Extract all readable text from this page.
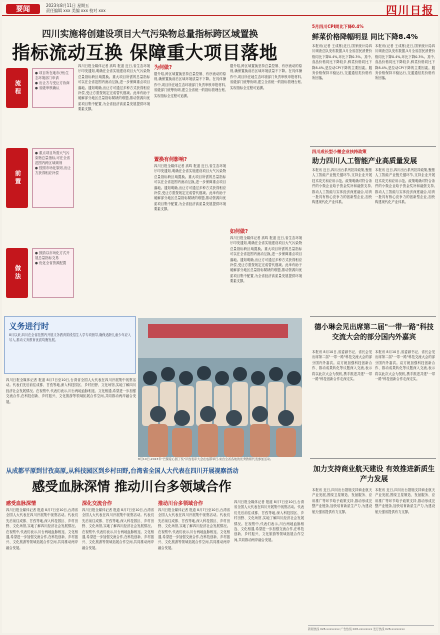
要闻	2023年8月11日 星期五
责任编辑 xxx 美编 xxx 校对 xxx	四川日报
四川实施将创建设项目大气污染物总量指标跨区域置换
指标流动互换 保障重大项目落地
流程
前置
做法
● 项目所在地市(州)生态环境部门申请
● 出让方与受让方协商
● 省级审核确认
● 重点项目所需大气污染物总量指标,可在全省范围内跨区域调剂
● 按照市场化原则,出让方获得相应补偿
● 鼓励以市场化方式开展总量指标交易
● 优化全省资源配置
四川日报全媒体记者 高鸣 报道 近日,省生态环境厅印发通知,明确在全省实施建设项目大气污染物总量指标跨区域置换。重大项目所需的总量指标可以在全省范围内流动互换,进一步保障重点项目落地。通知明确,出让方可通过多种方式获得相应补偿,受让方需按规定完成替代削减。此举有助于破解部分地区总量指标紧缺的难题,推动资源向优质项目集中配置,为全省经济高质量发展提供环境要素支撑。
为何做?
据介绍,跨区域置换坚持总量控制、有序流动的原则,确保置换前后区域环境质量不下降。在具体操作中,项目所在地生态环境部门负责审核申报材料,省级部门统筹协调,建立全省统一的指标管理台账,实现指标全过程可追溯。
置换有何影响?
四川日报全媒体记者 高鸣 报道 近日,省生态环境厅印发通知,明确在全省实施建设项目大气污染物总量指标跨区域置换。重大项目所需的总量指标可以在全省范围内流动互换,进一步保障重点项目落地。通知明确,出让方可通过多种方式获得相应补偿,受让方需按规定完成替代削减。此举有助于破解部分地区总量指标紧缺的难题,推动资源向优质项目集中配置,为全省经济高质量发展提供环境要素支撑。
据介绍,跨区域置换坚持总量控制、有序流动的原则,确保置换前后区域环境质量不下降。在具体操作中,项目所在地生态环境部门负责审核申报材料,省级部门统筹协调,建立全省统一的指标管理台账,实现指标全过程可追溯。
如何做?
四川日报全媒体记者 高鸣 报道 近日,省生态环境厅印发通知,明确在全省实施建设项目大气污染物总量指标跨区域置换。重大项目所需的总量指标可以在全省范围内流动互换,进一步保障重点项目落地。通知明确,出让方可通过多种方式获得相应补偿,受让方需按规定完成替代削减。此举有助于破解部分地区总量指标紧缺的难题,推动资源向优质项目集中配置,为全省经济高质量发展提供环境要素支撑。
5月四川CPI同比下降0.4%
鲜菜价格降幅明显 同比下降8.4%
本报讯(记者 王成栋)近日,国家统计局四川调查总队发布数据,5月全省居民消费价格同比下降0.4%,环比下降0.3%。其中,食品价格同比下降较多,鲜菜价格同比下降8.4%,是拉动CPI下降的主要因素。服务价格保持平稳运行,交通通信类价格有所回落。
本报讯(记者 王成栋)近日,国家统计局四川调查总队发布数据,5月全省居民消费价格同比下降0.4%,环比下降0.3%。其中,食品价格同比下降较多,鲜菜价格同比下降8.4%,是拉动CPI下降的主要因素。服务价格保持平稳运行,交通通信类价格有所回落。
四川成长型小微企业扶持政策
助力四川人工智能产业高质量发展
本报讯 近日,四川出台系列扶持政策,聚焦人工智能产业链关键环节,支持企业开展技术攻关和应用示范。政策明确对符合条件的小微企业给予资金奖补和融资支持,推动人工智能与实体经济深度融合,培育一批具有核心竞争力的创新型企业,加快构建现代化产业体系。
本报讯 近日,四川出台系列扶持政策,聚焦人工智能产业链关键环节,支持企业开展技术攻关和应用示范。政策明确对符合条件的小微企业给予资金奖补和融资支持,推动人工智能与实体经济深度融合,培育一批具有核心竞争力的创新型企业,加快构建现代化产业体系。
义务进行时
8月以来,四川在全省范围内开展义务教育阶段招生入学专项督导,确保适龄儿童少年应入尽入,推动义务教育优质均衡发展。
四川日报全媒体记者 报道 8月7日至10日,台湾省全国人大代表在四川开展集中视察活动。代表们先后前往成都、甘孜等地,深入科技园区、乡村田野、文化场馆,实地了解四川经济社会发展情况。在视察中,代表们表示,川台两地血脉相连、文化相通,希望进一步加强交流合作,在科技创新、乡村振兴、文化旅游等领域拓展合作空间,共同推动两岸融合发展。
8月10日,2023年"巴蜀爱心园丁奖"评选表彰大会在成都举行,来自全省各地的优秀教师代表参加活动。
从成都平原到甘孜高原,从科技园区到乡村田野,台湾省全国人大代表在四川开展视察活动
感受血脉深情 推动川台多领域合作
感受血脉深情
四川日报全媒体记者 报道 8月7日至10日,台湾省全国人大代表在四川开展集中视察活动。代表们先后前往成都、甘孜等地,深入科技园区、乡村田野、文化场馆,实地了解四川经济社会发展情况。在视察中,代表们表示,川台两地血脉相连、文化相通,希望进一步加强交流合作,在科技创新、乡村振兴、文化旅游等领域拓展合作空间,共同推动两岸融合发展。
深化交流合作
四川日报全媒体记者 报道 8月7日至10日,台湾省全国人大代表在四川开展集中视察活动。代表们先后前往成都、甘孜等地,深入科技园区、乡村田野、文化场馆,实地了解四川经济社会发展情况。在视察中,代表们表示,川台两地血脉相连、文化相通,希望进一步加强交流合作,在科技创新、乡村振兴、文化旅游等领域拓展合作空间,共同推动两岸融合发展。
推动川台多领域合作
四川日报全媒体记者 报道 8月7日至10日,台湾省全国人大代表在四川开展集中视察活动。代表们先后前往成都、甘孜等地,深入科技园区、乡村田野、文化场馆,实地了解四川经济社会发展情况。在视察中,代表们表示,川台两地血脉相连、文化相通,希望进一步加强交流合作,在科技创新、乡村振兴、文化旅游等领域拓展合作空间,共同推动两岸融合发展。
四川日报全媒体记者 报道 8月7日至10日,台湾省全国人大代表在四川开展集中视察活动。代表们先后前往成都、甘孜等地,深入科技园区、乡村田野、文化场馆,实地了解四川经济社会发展情况。在视察中,代表们表示,川台两地血脉相连、文化相通,希望进一步加强交流合作,在科技创新、乡村振兴、文化旅游等领域拓展合作空间,共同推动两岸融合发展。
德小琳会见出席第二届"一带一路"科技交流大会的部分国内外嘉宾
本报讯 8月10日,省委副书记、省长会见出席第二届"一带一路"科技交流大会的部分国内外嘉宾。双方就加强科技创新合作、推动成果转化等议题深入交流,表示将以此次大会为契机,携手推进共建"一带一路"科技创新合作走深走实。
本报讯 8月10日,省委副书记、省长会见出席第二届"一带一路"科技交流大会的部分国内外嘉宾。双方就加强科技创新合作、推动成果转化等议题深入交流,表示将以此次大会为契机,携手推进共建"一带一路"科技创新合作走深走实。
加力支持商业航天建设 有效推进新质生产力发展
本报讯 近日,四川出台措施支持商业航天产业发展,围绕卫星制造、发射服务、应用推广等环节给予政策支持,推动形成完整产业链条,加快培育新质生产力,为建设航天强省提供有力支撑。
本报讯 近日,四川出台措施支持商业航天产业发展,围绕卫星制造、发射服务、应用推广等环节给予政策支持,推动形成完整产业链条,加快培育新质生产力,为建设航天强省提供有力支撑。
新闻热线 028-xxxxxxxx 广告热线 028-xxxxxxxx 发行热线 028-xxxxxxxx
